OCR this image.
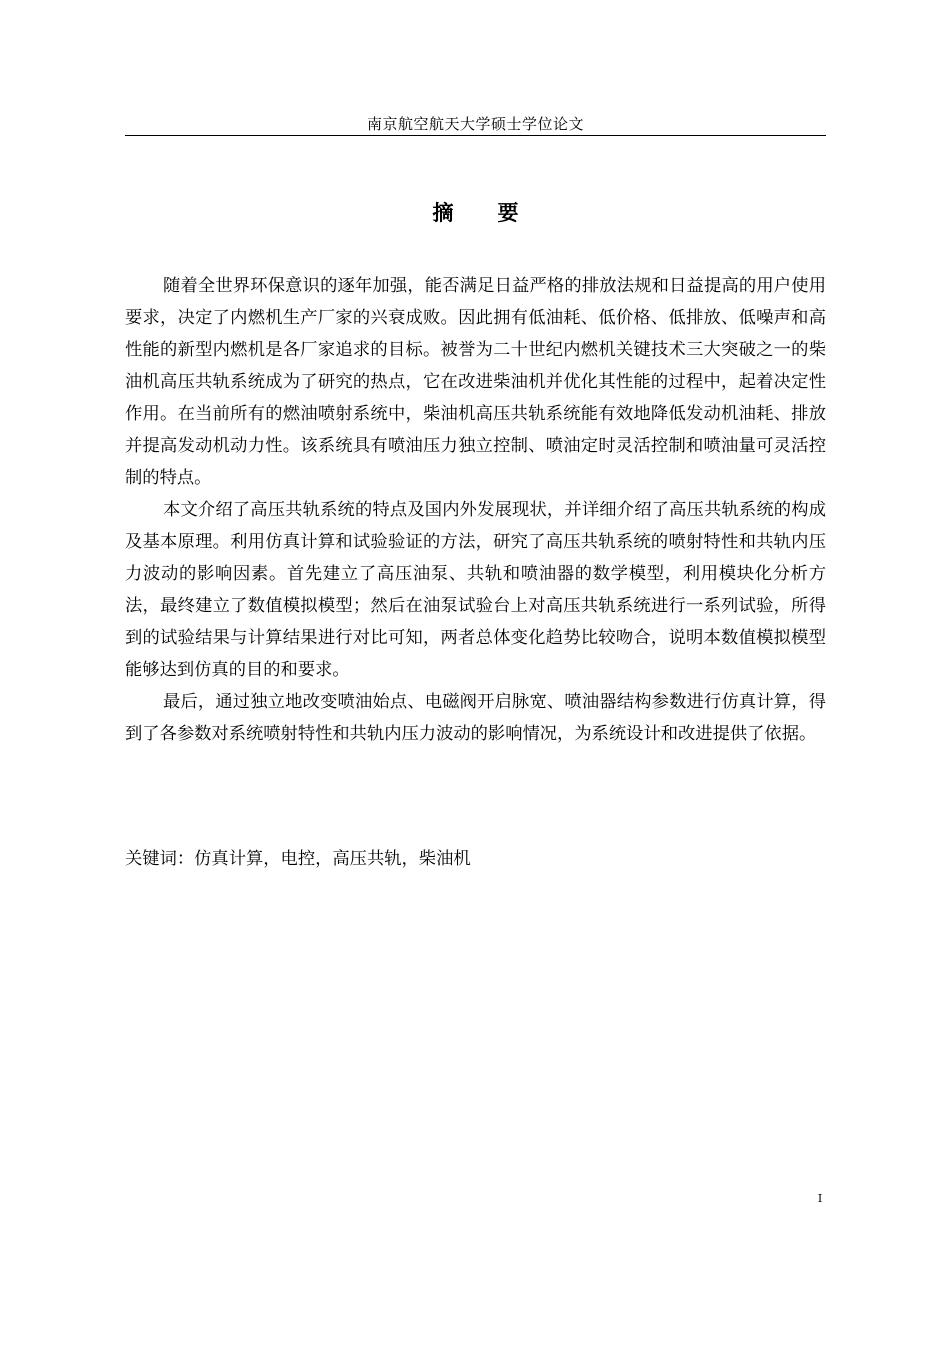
南京航空航天大学硕士学位论文
摘 要

随着全世界环保意识的逐年加强，能否满足日益严格的排放法规和日益提高的用户使用要求，决定了内燃机生产厂家的兴衰成败。因此拥有低油耗、低价格、低排放、低噪声和高性能的新型内燃机是各厂家追求的目标。被誉为二十世纪内燃机关键技术三大突破之一的柴油机高压共轨系统成为了研究的热点，它在改进柴油机并优化其性能的过程中，起着决定性作用。在当前所有的燃油喷射系统中，柴油机高压共轨系统能有效地降低发动机油耗、排放并提高发动机动力性。该系统具有喷油压力独立控制、喷油定时灵活控制和喷油量可灵活控制的特点。

本文介绍了高压共轨系统的特点及国内外发展现状，并详细介绍了高压共轨系统的构成及基本原理。利用仿真计算和试验验证的方法，研究了高压共轨系统的喷射特性和共轨内压力波动的影响因素。首先建立了高压油泵、共轨和喷油器的数学模型，利用模块化分析方法，最终建立了数值模拟模型；然后在油泵试验台上对高压共轨系统进行一系列试验，所得到的试验结果与计算结果进行对比可知，两者总体变化趋势比较吻合，说明本数值模拟模型能够达到仿真的目的和要求。

最后，通过独立地改变喷油始点、电磁阀开启脉宽、喷油器结构参数进行仿真计算，得到了各参数对系统喷射特性和共轨内压力波动的影响情况，为系统设计和改进提供了依据。

关键词：仿真计算，电控，高压共轨，柴油机
I
